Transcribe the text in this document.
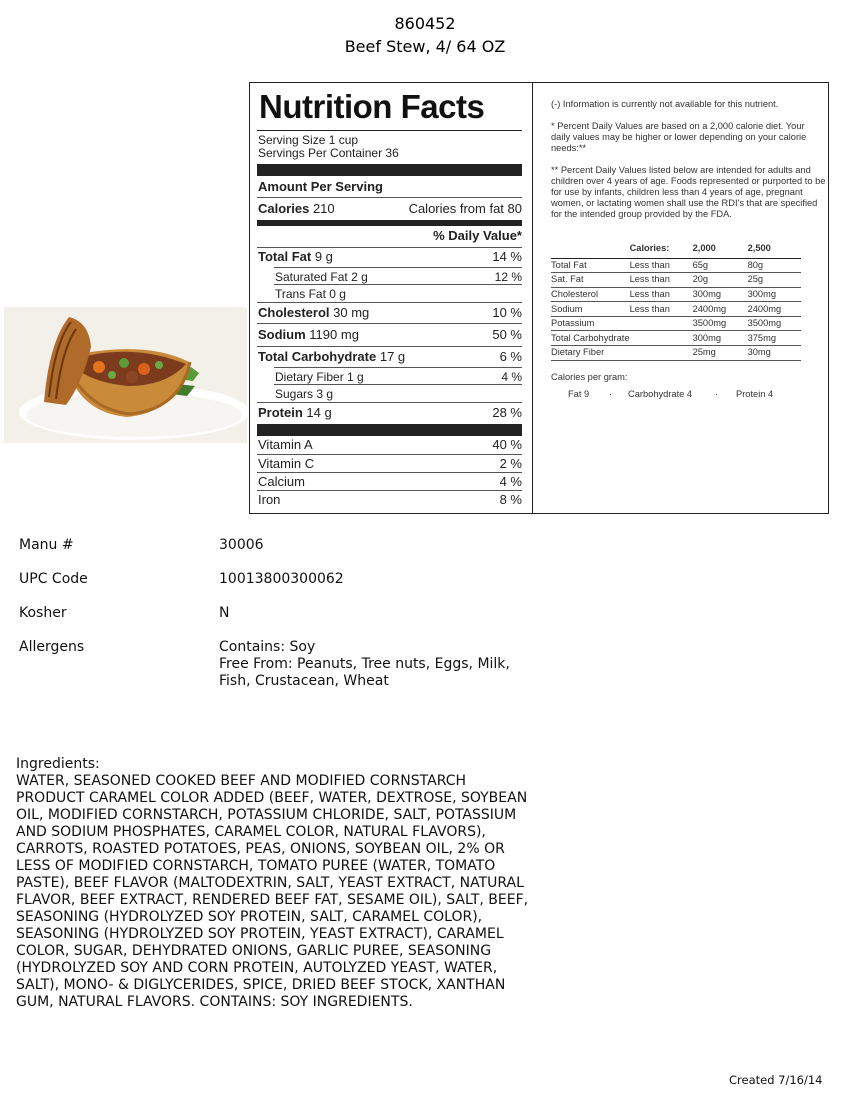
860452
Beef Stew, 4/ 64 OZ
Nutrition Facts
Serving Size 1 cup
Servings Per Container 36
Amount Per Serving
Calories 210	Calories from fat 80
% Daily Value*
Total Fat 9 g	14 %
Saturated Fat 2 g	12 %
Trans Fat 0 g
Cholesterol 30 mg	10 %
Sodium 1190 mg	50 %
Total Carbohydrate 17 g	6 %
Dietary Fiber 1 g	4 %
Sugars 3 g
Protein 14 g	28 %
Vitamin A	40 %
Vitamin C	2 %
Calcium	4 %
Iron	8 %
(-) Information is currently not available for this nutrient.
* Percent Daily Values are based on a 2,000 calorie diet. Your daily values may be higher or lower depending on your calorie needs:**
** Percent Daily Values listed below are intended for adults and children over 4 years of age. Foods represented or purported to be for use by infants, children less than 4 years of age, pregnant women, or lactating women shall use the RDI's that are specified for the intended group provided by the FDA.
	Calories:	2,000	2,500
Total Fat	Less than	65g	80g
Sat. Fat	Less than	20g	25g
Cholesterol	Less than	300mg	300mg
Sodium	Less than	2400mg	2400mg
Potassium		3500mg	3500mg
Total Carbohydrate		300mg	375mg
Dietary Fiber		25mg	30mg
Calories per gram:
Fat 9 · Carbohydrate 4 · Protein 4
Manu #	30006
UPC Code	10013800300062
Kosher	N
Allergens	Contains: Soy
Free From: Peanuts, Tree nuts, Eggs, Milk,
Fish, Crustacean, Wheat
Ingredients:
WATER, SEASONED COOKED BEEF AND MODIFIED CORNSTARCH PRODUCT CARAMEL COLOR ADDED (BEEF, WATER, DEXTROSE, SOYBEAN OIL, MODIFIED CORNSTARCH, POTASSIUM CHLORIDE, SALT, POTASSIUM AND SODIUM PHOSPHATES, CARAMEL COLOR, NATURAL FLAVORS), CARROTS, ROASTED POTATOES, PEAS, ONIONS, SOYBEAN OIL, 2% OR LESS OF MODIFIED CORNSTARCH, TOMATO PUREE (WATER, TOMATO PASTE), BEEF FLAVOR (MALTODEXTRIN, SALT, YEAST EXTRACT, NATURAL FLAVOR, BEEF EXTRACT, RENDERED BEEF FAT, SESAME OIL), SALT, BEEF, SEASONING (HYDROLYZED SOY PROTEIN, SALT, CARAMEL COLOR), SEASONING (HYDROLYZED SOY PROTEIN, YEAST EXTRACT), CARAMEL COLOR, SUGAR, DEHYDRATED ONIONS, GARLIC PUREE, SEASONING (HYDROLYZED SOY AND CORN PROTEIN, AUTOLYZED YEAST, WATER, SALT), MONO- & DIGLYCERIDES, SPICE, DRIED BEEF STOCK, XANTHAN GUM, NATURAL FLAVORS. CONTAINS: SOY INGREDIENTS.
Created 7/16/14
